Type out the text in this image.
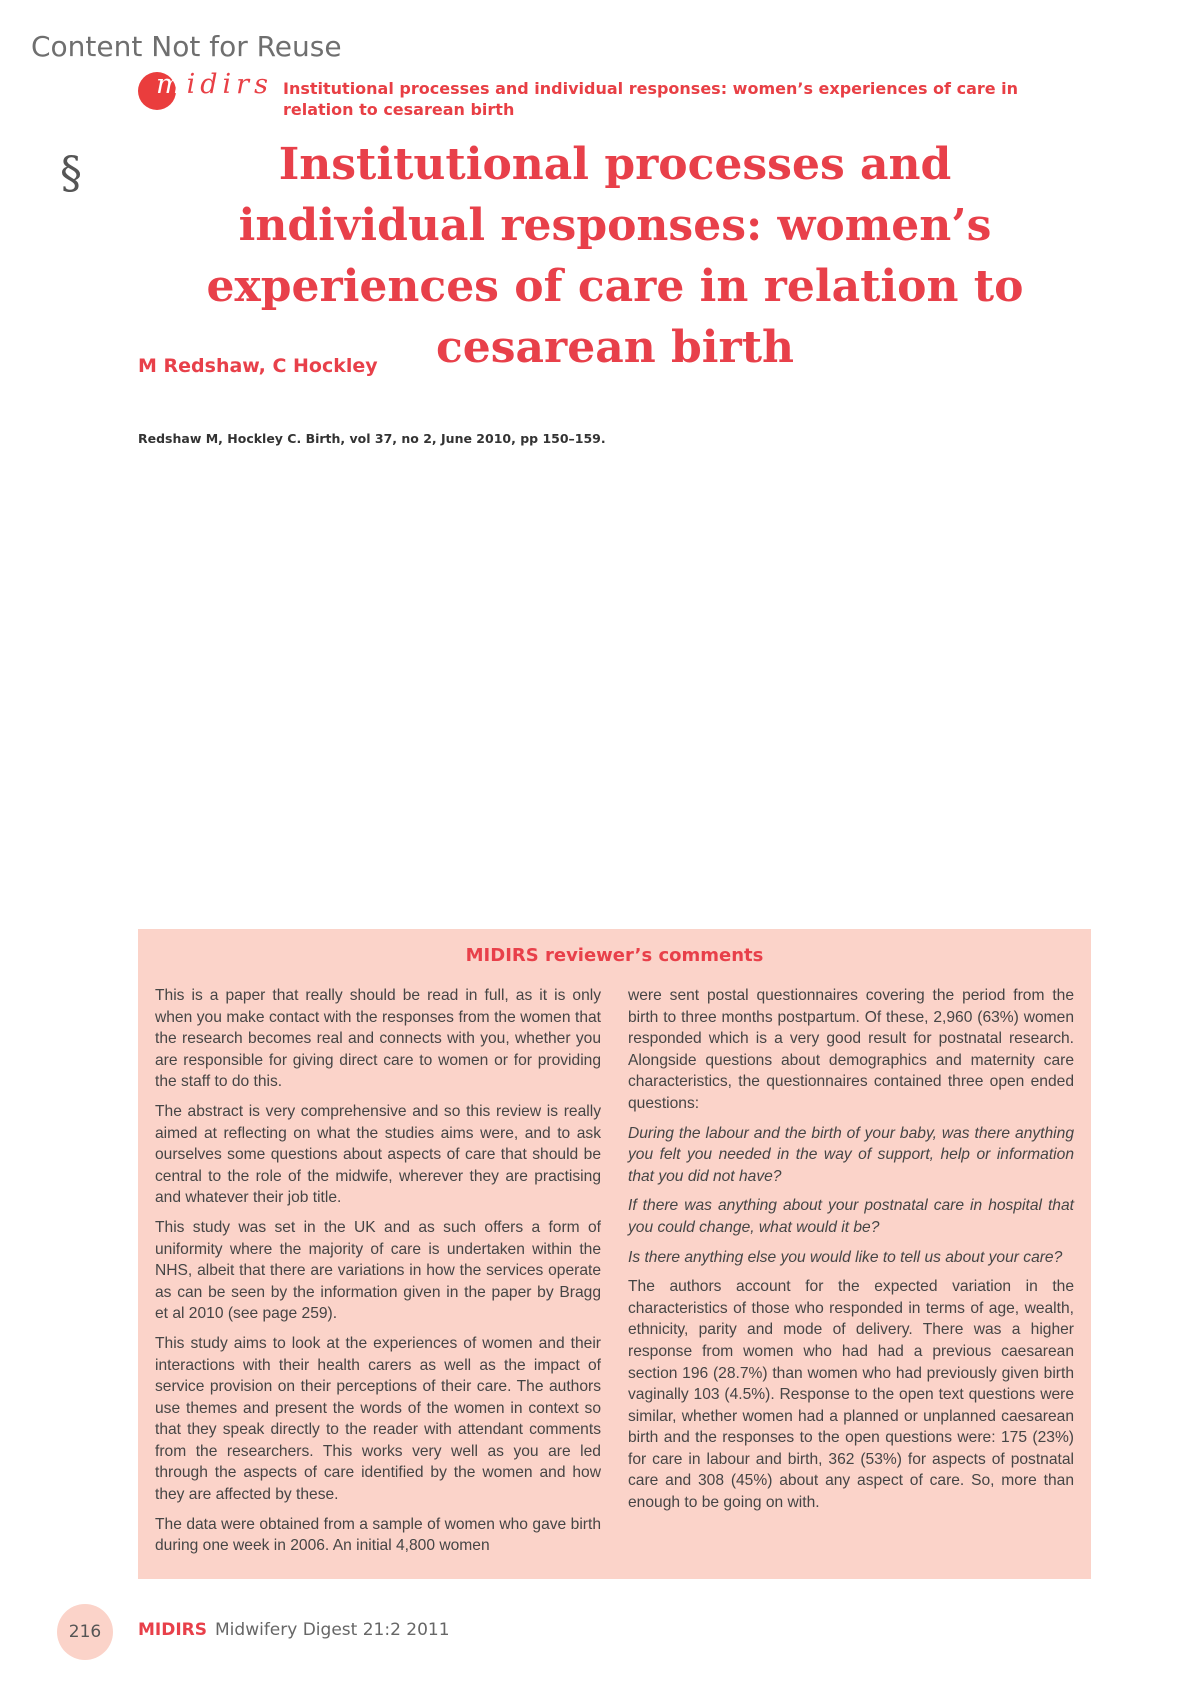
Content Not for Reuse
midirs Institutional processes and individual responses: women’s experiences of care in relation to cesarean birth
§	Institutional processes and individual responses: women’s experiences of care in relation to cesarean birth
M Redshaw, C Hockley
Redshaw M, Hockley C. Birth, vol 37, no 2, June 2010, pp 150–159.
MIDIRS reviewer’s comments

This is a paper that really should be read in full, as it is only when you make contact with the responses from the women that the research becomes real and connects with you, whether you are responsible for giving direct care to women or for providing the staff to do this.

The abstract is very comprehensive and so this review is really aimed at reflecting on what the studies aims were, and to ask ourselves some questions about aspects of care that should be central to the role of the midwife, wherever they are practising and whatever their job title.

This study was set in the UK and as such offers a form of uniformity where the majority of care is undertaken within the NHS, albeit that there are variations in how the services operate as can be seen by the information given in the paper by Bragg et al 2010 (see page 259).

This study aims to look at the experiences of women and their interactions with their health carers as well as the impact of service provision on their perceptions of their care. The authors use themes and present the words of the women in context so that they speak directly to the reader with attendant comments from the researchers. This works very well as you are led through the aspects of care identified by the women and how they are affected by these.

The data were obtained from a sample of women who gave birth during one week in 2006. An initial 4,800 women

were sent postal questionnaires covering the period from the birth to three months postpartum. Of these, 2,960 (63%) women responded which is a very good result for postnatal research. Alongside questions about demographics and maternity care characteristics, the questionnaires contained three open ended questions:

During the labour and the birth of your baby, was there anything you felt you needed in the way of support, help or information that you did not have?

If there was anything about your postnatal care in hospital that you could change, what would it be?

Is there anything else you would like to tell us about your care?

The authors account for the expected variation in the characteristics of those who responded in terms of age, wealth, ethnicity, parity and mode of delivery. There was a higher response from women who had had a previous caesarean section 196 (28.7%) than women who had previously given birth vaginally 103 (4.5%). Response to the open text questions were similar, whether women had a planned or unplanned caesarean birth and the responses to the open questions were: 175 (23%) for care in labour and birth, 362 (53%) for aspects of postnatal care and 308 (45%) about any aspect of care. So, more than enough to be going on with.

216	MIDIRS Midwifery Digest 21:2 2011
